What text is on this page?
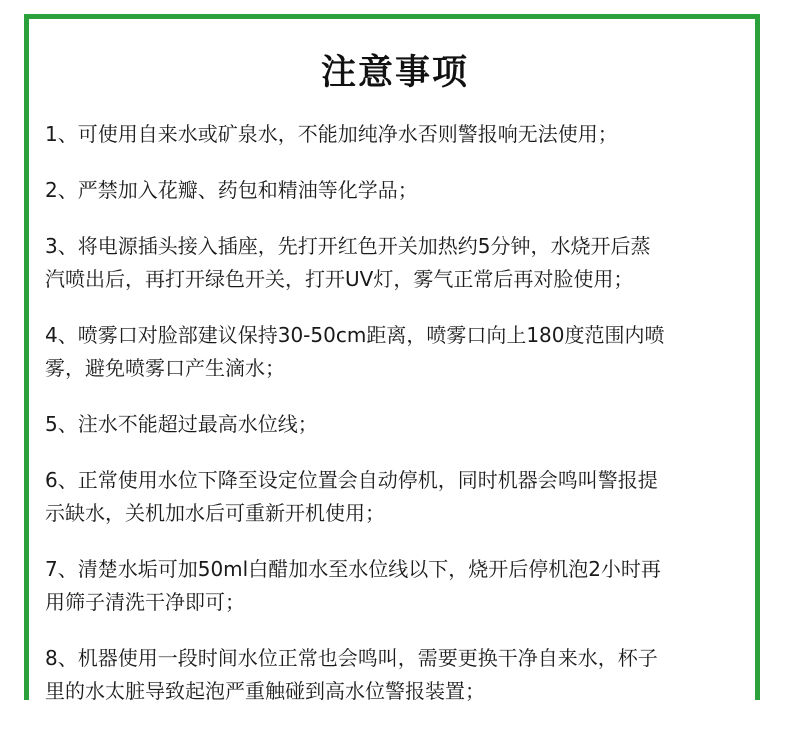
注意事项
1、可使用自来水或矿泉水，不能加纯净水否则警报响无法使用；
2、严禁加入花瓣、药包和精油等化学品；
3、将电源插头接入插座，先打开红色开关加热约5分钟，水烧开后蒸
汽喷出后，再打开绿色开关，打开UV灯，雾气正常后再对脸使用；
4、喷雾口对脸部建议保持30-50cm距离，喷雾口向上180度范围内喷
雾，避免喷雾口产生滴水；
5、注水不能超过最高水位线；
6、正常使用水位下降至设定位置会自动停机，同时机器会鸣叫警报提
示缺水，关机加水后可重新开机使用；
7、清楚水垢可加50ml白醋加水至水位线以下，烧开后停机泡2小时再
用筛子清洗干净即可；
8、机器使用一段时间水位正常也会鸣叫，需要更换干净自来水，杯子
里的水太脏导致起泡严重触碰到高水位警报装置；
